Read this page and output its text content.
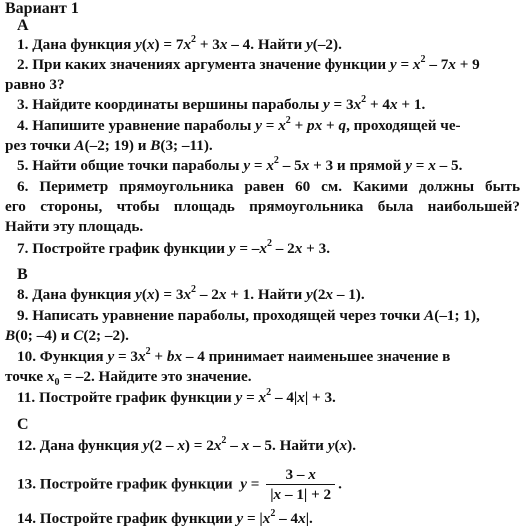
Вариант 1
А
1. Дана функция $y(x) = 7x^2 + 3x - 4$. Найти y(–2).
2. При каких значениях аргумента значение функции $y = x^2 - 7x + 9$
равно 3?
3. Найдите координаты вершины параболы $y = 3x^2 + 4x + 1$.
4. Напишите уравнение параболы $y = x^2$ + px + q, проходящей че-
рез точки A(–2; 19) и B(3; –11).
5. Найти общие точки параболы $y = x^2 - 5x + 3$ и прямой y = x – 5.
6. Периметр прямоугольника равен 60 см. Какими должны быть
его стороны, чтобы площадь прямоугольника была наибольшей?
Найти эту площадь.
7. Постройте график функции $y = -x^2 - 2x + 3$.
В
8. Дана функция $y(x) = 3x^2 - 2x + 1$. Найти y(2x – 1).
9. Написать уравнение параболы, проходящей через точки A(–1; 1),
B(0; –4) и C(2; –2).
10. Функция $y = 3x^2$ + bx – 4 принимает наименьшее значение в
точке $x_0 = -2$. Найдите это значение.
11. Постройте график функции $y = x^2 - 4|x| + 3$.
С
12. Дана функция $y(2 - x) = 2x^2 - x - 5$. Найти y(x).
13. Постройте график функции  $y = \frac{3 - x}{|x - 1| + 2}$ .
14. Постройте график функции $y = |x^2 - 4x|$.
